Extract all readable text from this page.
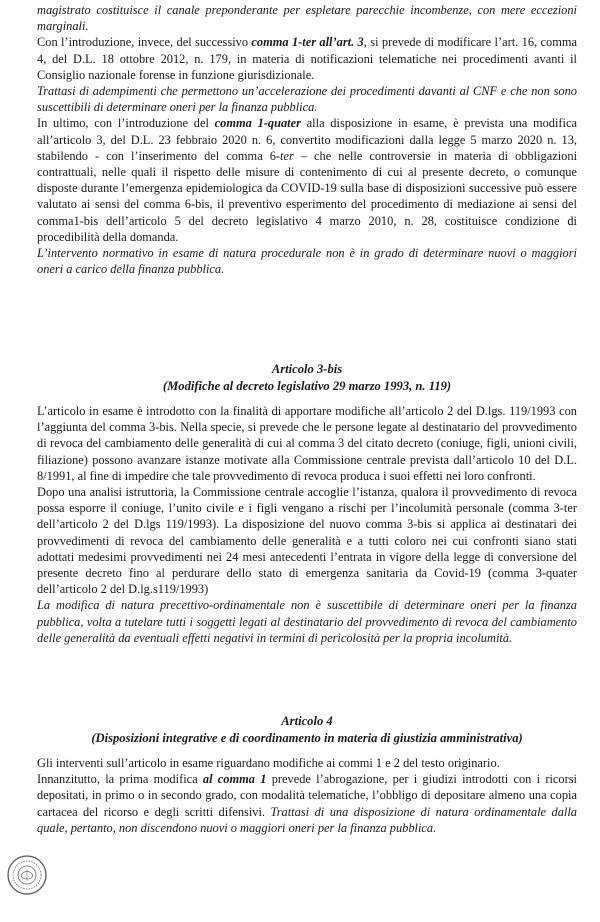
magistrato costituisce il canale preponderante per espletare parecchie incombenze, con mere eccezioni marginali.

Con l’introduzione, invece, del successivo comma 1-ter all’art. 3, si prevede di modificare l’art. 16, comma 4, del D.L. 18 ottobre 2012, n. 179, in materia di notificazioni telematiche nei procedimenti avanti il Consiglio nazionale forense in funzione giurisdizionale.

Trattasi di adempimenti che permettono un’accelerazione dei procedimenti davanti al CNF e che non sono suscettibili di determinare oneri per la finanza pubblica.

In ultimo, con l’introduzione del comma 1-quater alla disposizione in esame, è prevista una modifica all’articolo 3, del D.L. 23 febbraio 2020 n. 6, convertito modificazioni dalla legge 5 marzo 2020 n. 13, stabilendo - con l’inserimento del comma 6-ter – che nelle controversie in materia di obbligazioni contrattuali, nelle quali il rispetto delle misure di contenimento di cui al presente decreto, o comunque disposte durante l’emergenza epidemiologica da COVID-19 sulla base di disposizioni successive può essere valutato ai sensi del comma 6-bis, il preventivo esperimento del procedimento di mediazione ai sensi del comma1-bis dell’articolo 5 del decreto legislativo 4 marzo 2010, n. 28, costituisce condizione di procedibilità della domanda.

L’intervento normativo in esame di natura procedurale non è in grado di determinare nuovi o maggiori oneri a carico della finanza pubblica.

Articolo 3-bis
(Modifiche al decreto legislativo 29 marzo 1993, n. 119)

L’articolo in esame è introdotto con la finalità di apportare modifiche all’articolo 2 del D.lgs. 119/1993 con l’aggiunta del comma 3-bis. Nella specie, si prevede che le persone legate al destinatario del provvedimento di revoca del cambiamento delle generalità di cui al comma 3 del citato decreto (coniuge, figli, unioni civili, filiazione) possono avanzare istanze motivate alla Commissione centrale prevista dall’articolo 10 del D.L. 8/1991, al fine di impedire che tale provvedimento di revoca produca i suoi effetti nei loro confronti.

Dopo una analisi istruttoria, la Commissione centrale accoglie l’istanza, qualora il provvedimento di revoca possa esporre il coniuge, l’unito civile e i figli vengano a rischi per l’incolumità personale (comma 3-ter dell’articolo 2 del D.lgs 119/1993). La disposizione del nuovo comma 3-bis si applica ai destinatari dei provvedimenti di revoca del cambiamento delle generalità e a tutti coloro nei cui confronti siano stati adottati medesimi provvedimenti nei 24 mesi antecedenti l’entrata in vigore della legge di conversione del presente decreto fino al perdurare dello stato di emergenza sanitaria da Covid-19 (comma 3-quater dell’articolo 2 del D.lg.s119/1993)

La modifica di natura precettivo-ordinamentale non è suscettibile di determinare oneri per la finanza pubblica, volta a tutelare tutti i soggetti legati al destinatario del provvedimento di revoca del cambiamento delle generalità da eventuali effetti negativi in termini di pericolosità per la propria incolumità.

Articolo 4
(Disposizioni integrative e di coordinamento in materia di giustizia amministrativa)

Gli interventi sull’articolo in esame riguardano modifiche ai commi 1 e 2 del testo originario.

Innanzitutto, la prima modifica al comma 1 prevede l’abrogazione, per i giudizi introdotti con i ricorsi depositati, in primo o in secondo grado, con modalità telematiche, l’obbligo di depositare almeno una copia cartacea del ricorso e degli scritti difensivi. Trattasi di una disposizione di natura ordinamentale dalla quale, pertanto, non discendono nuovi o maggiori oneri per la finanza pubblica.
